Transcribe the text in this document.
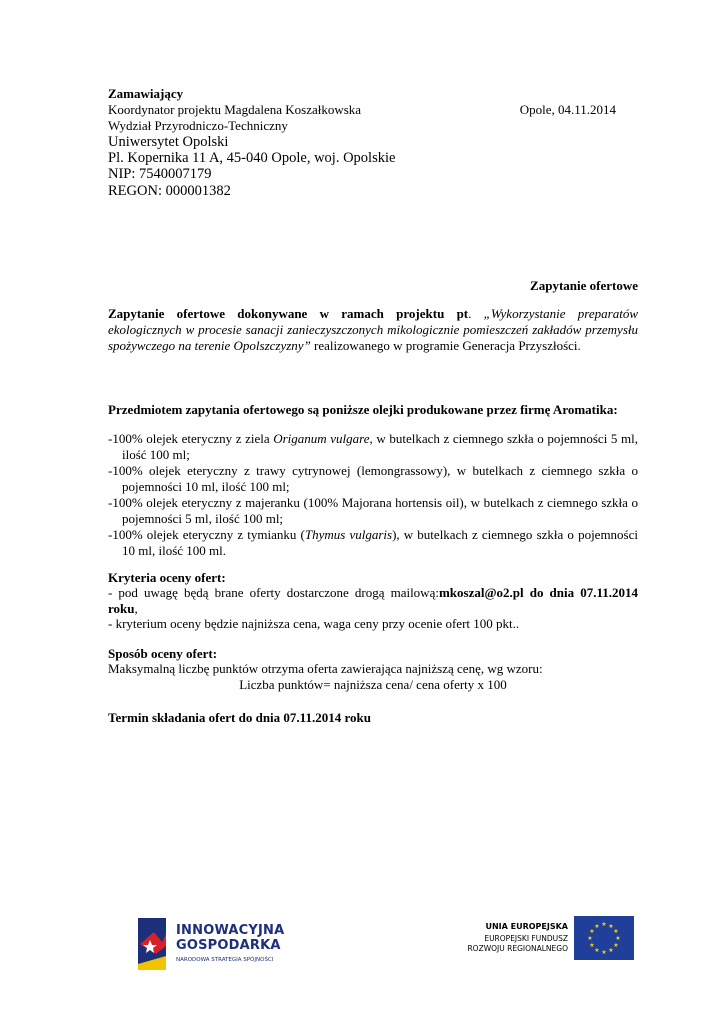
Zamawiający
Koordynator projektu Magdalena Koszałkowska	Opole, 04.11.2014
Wydział Przyrodniczo-Techniczny
Uniwersytet Opolski
Pl. Kopernika 11 A, 45-040 Opole, woj. Opolskie
NIP: 7540007179
REGON: 000001382
Zapytanie ofertowe
Zapytanie ofertowe dokonywane w ramach projektu pt. „Wykorzystanie preparatów ekologicznych w procesie sanacji zanieczyszczonych mikologicznie pomieszczeń zakładów przemysłu spożywczego na terenie Opolszczyzny” realizowanego w programie Generacja Przyszłości.
Przedmiotem zapytania ofertowego są poniższe olejki produkowane przez firmę Aromatika:
-100% olejek eteryczny z ziela Origanum vulgare, w butelkach z ciemnego szkła o pojemności 5 ml, ilość 100 ml;
-100% olejek eteryczny z trawy cytrynowej (lemongrassowy), w butelkach z ciemnego szkła o pojemności 10 ml, ilość 100 ml;
-100% olejek eteryczny z majeranku (100% Majorana hortensis oil), w butelkach z ciemnego szkła o pojemności 5 ml, ilość 100 ml;
-100% olejek eteryczny z tymianku (Thymus vulgaris), w butelkach z ciemnego szkła o pojemności 10 ml, ilość 100 ml.
Kryteria oceny ofert:
- pod uwagę będą brane oferty dostarczone drogą mailową:mkoszal@o2.pl do dnia 07.11.2014 roku,
- kryterium oceny będzie najniższa cena, waga ceny przy ocenie ofert 100 pkt..
Sposób oceny ofert:
Maksymalną liczbę punktów otrzyma oferta zawierająca najniższą cenę, wg wzoru:
Liczba punktów= najniższa cena/ cena oferty x 100
Termin składania ofert do dnia 07.11.2014 roku
INNOWACYJNA
GOSPODARKA
NARODOWA STRATEGIA SPÓJNOŚCI
UNIA EUROPEJSKA
EUROPEJSKI FUNDUSZ
ROZWOJU REGIONALNEGO
★ ★
★
★
★
★
★
★
★
★
★
★
